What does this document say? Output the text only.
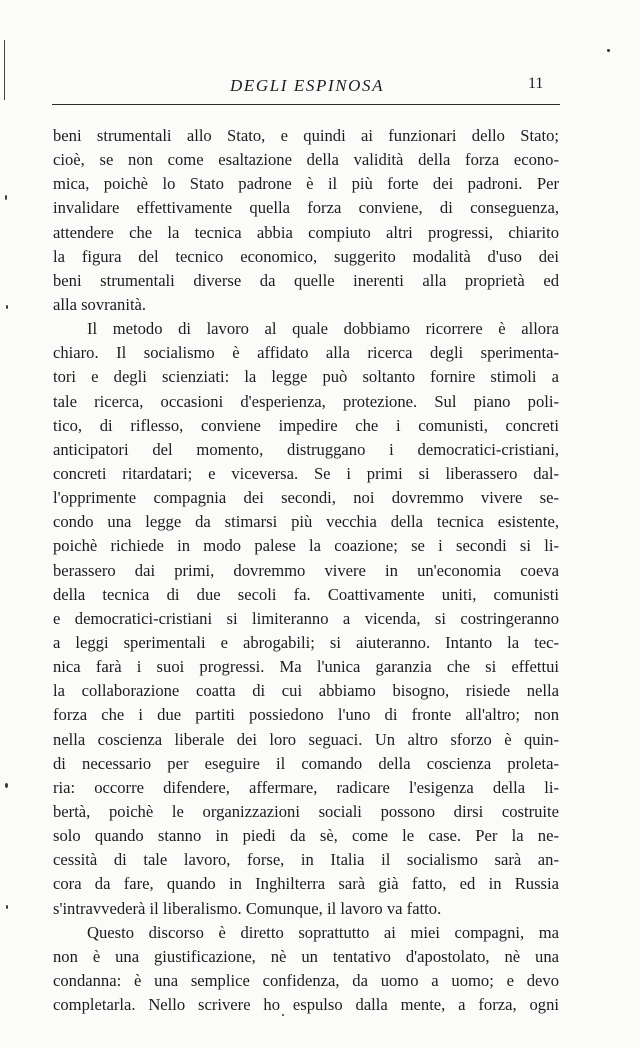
DEGLI ESPINOSA	11
beni strumentali allo Stato, e quindi ai funzionari dello Stato;
cioè, se non come esaltazione della validità della forza econo-
mica, poichè lo Stato padrone è il più forte dei padroni. Per
invalidare effettivamente quella forza conviene, di conseguenza,
attendere che la tecnica abbia compiuto altri progressi, chiarito
la figura del tecnico economico, suggerito modalità d'uso dei
beni strumentali diverse da quelle inerenti alla proprietà ed
alla sovranità.
Il metodo di lavoro al quale dobbiamo ricorrere è allora
chiaro. Il socialismo è affidato alla ricerca degli sperimenta-
tori e degli scienziati: la legge può soltanto fornire stimoli a
tale ricerca, occasioni d'esperienza, protezione. Sul piano poli-
tico, di riflesso, conviene impedire che i comunisti, concreti
anticipatori del momento, distruggano i democratici-cristiani,
concreti ritardatari; e viceversa. Se i primi si liberassero dal-
l'opprimente compagnia dei secondi, noi dovremmo vivere se-
condo una legge da stimarsi più vecchia della tecnica esistente,
poichè richiede in modo palese la coazione; se i secondi si li-
berassero dai primi, dovremmo vivere in un'economia coeva
della tecnica di due secoli fa. Coattivamente uniti, comunisti
e democratici-cristiani si limiteranno a vicenda, si costringeranno
a leggi sperimentali e abrogabili; si aiuteranno. Intanto la tec-
nica farà i suoi progressi. Ma l'unica garanzia che si effettui
la collaborazione coatta di cui abbiamo bisogno, risiede nella
forza che i due partiti possiedono l'uno di fronte all'altro; non
nella coscienza liberale dei loro seguaci. Un altro sforzo è quin-
di necessario per eseguire il comando della coscienza proleta-
ria: occorre difendere, affermare, radicare l'esigenza della li-
bertà, poichè le organizzazioni sociali possono dirsi costruite
solo quando stanno in piedi da sè, come le case. Per la ne-
cessità di tale lavoro, forse, in Italia il socialismo sarà an-
cora da fare, quando in Inghilterra sarà già fatto, ed in Russia
s'intravvederà il liberalismo. Comunque, il lavoro va fatto.
Questo discorso è diretto soprattutto ai miei compagni, ma
non è una giustificazione, nè un tentativo d'apostolato, nè una
condanna: è una semplice confidenza, da uomo a uomo; e devo
completarla. Nello scrivere ho espulso dalla mente, a forza, ogni
